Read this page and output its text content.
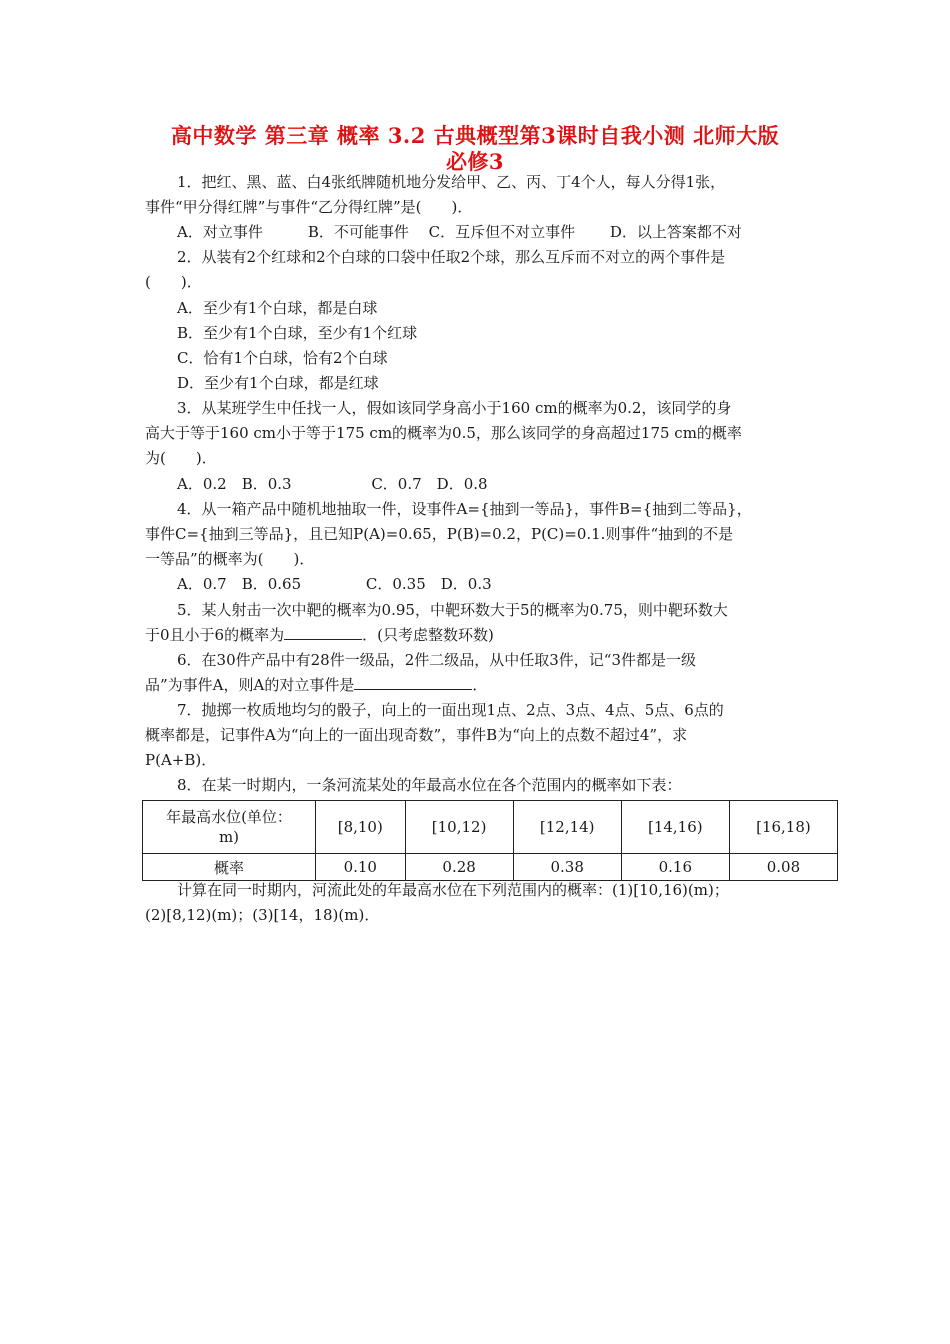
高中数学 第三章 概率 3.2 古典概型第3课时自我小测 北师大版
必修3
1．把红、黑、蓝、白4张纸牌随机地分发给甲、乙、丙、丁4个人，每人分得1张，
事件“甲分得红牌”与事件“乙分得红牌”是(　　)．
A．对立事件　　　B．不可能事件　 C．互斥但不对立事件　　 D．以上答案都不对
2．从装有2个红球和2个白球的口袋中任取2个球，那么互斥而不对立的两个事件是
(　　)．
A．至少有1个白球，都是白球
B．至少有1个白球，至少有1个红球
C．恰有1个白球，恰有2个白球
D．至少有1个白球，都是红球
3．从某班学生中任找一人，假如该同学身高小于160 cm的概率为0.2，该同学的身
高大于等于160 cm小于等于175 cm的概率为0.5，那么该同学的身高超过175 cm的概率
为(　　)．
A．0.2　B．0.3　　　　　 C．0.7　D．0.8
4．从一箱产品中随机地抽取一件，设事件A={抽到一等品}，事件B={抽到二等品}，
事件C={抽到三等品}，且已知P(A)=0.65，P(B)=0.2，P(C)=0.1.则事件“抽到的不是
一等品”的概率为(　　)．
A．0.7　B．0.65　　　　 C．0.35　D．0.3
5．某人射击一次中靶的概率为0.95，中靶环数大于5的概率为0.75，则中靶环数大
于0且小于6的概率为	．(只考虑整数环数)
6．在30件产品中有28件一级品，2件二级品，从中任取3件，记“3件都是一级
品”为事件A，则A的对立事件是	．
7．抛掷一枚质地均匀的骰子，向上的一面出现1点、2点、3点、4点、5点、6点的
概率都是，记事件A为“向上的一面出现奇数”，事件B为“向上的点数不超过4”，求
P(A+B)．
8．在某一时期内，一条河流某处的年最高水位在各个范围内的概率如下表：
年最高水位(单位：
m)	[8,10)	[10,12)	[12,14)	[14,16)	[16,18)
概率	0.10	0.28	0.38	0.16	0.08
计算在同一时期内，河流此处的年最高水位在下列范围内的概率：(1)[10,16)(m)；
(2)[8,12)(m)；(3)[14，18)(m)．
